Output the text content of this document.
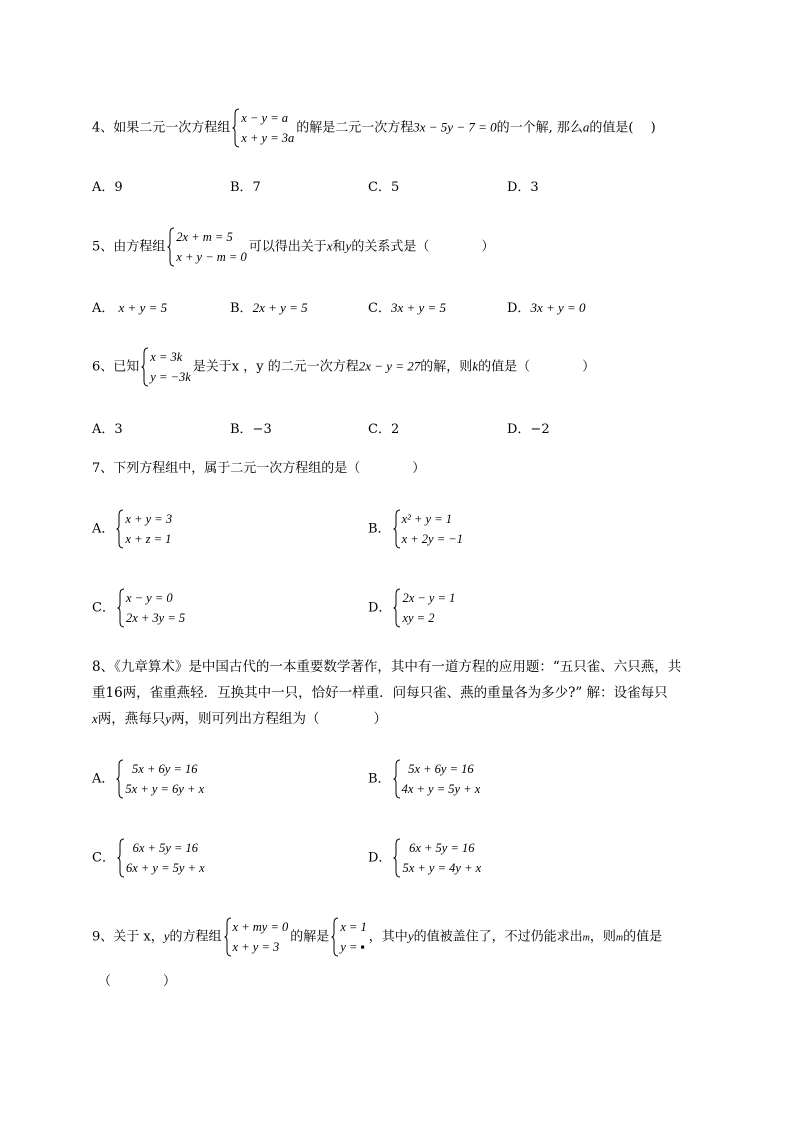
4、如果二元一次方程组
x − y = a
x + y = 3a
的解是二元一次方程3x − 5y − 7 = 0的一个解, 那么a的值是(　 )
A．9	B．7	C．5	D．3
5、由方程组
2x + m = 5
x + y − m = 0
可以得出关于x和y的关系式是（　　　　）
A． x + y = 5	B．2x + y = 5	C．3x + y = 5	D．3x + y = 0
6、已知
x = 3k
y = −3k
是关于x ，y 的二元一次方程2x − y = 27的解，则k的值是（　　　　）
A．3	B．−3	C．2	D．−2
7、下列方程组中，属于二元一次方程组的是（　　　　）
A．
x + y = 3
x + z = 1
B．
x² + y = 1
x + 2y = −1
C．
x − y = 0
2x + 3y = 5
D．
2x − y = 1
xy = 2
8、《九章算术》是中国古代的一本重要数学著作，其中有一道方程的应用题：“五只雀、六只燕，共
重16两，雀重燕轻．互换其中一只，恰好一样重．问每只雀、燕的重量各为多少?” 解：设雀每只
x两，燕每只y两，则可列出方程组为（　　　　）
A．
5x + 6y = 16
5x + y = 6y + x
B．
5x + 6y = 16
4x + y = 5y + x
C．
6x + 5y = 16
6x + y = 5y + x
D．
6x + 5y = 16
5x + y = 4y + x
9、关于 x，y的方程组
x + my = 0
x + y = 3
的解是
x = 1
y = ▪
，其中y的值被盖住了，不过仍能求出m，则m的值是
（　　　　）
